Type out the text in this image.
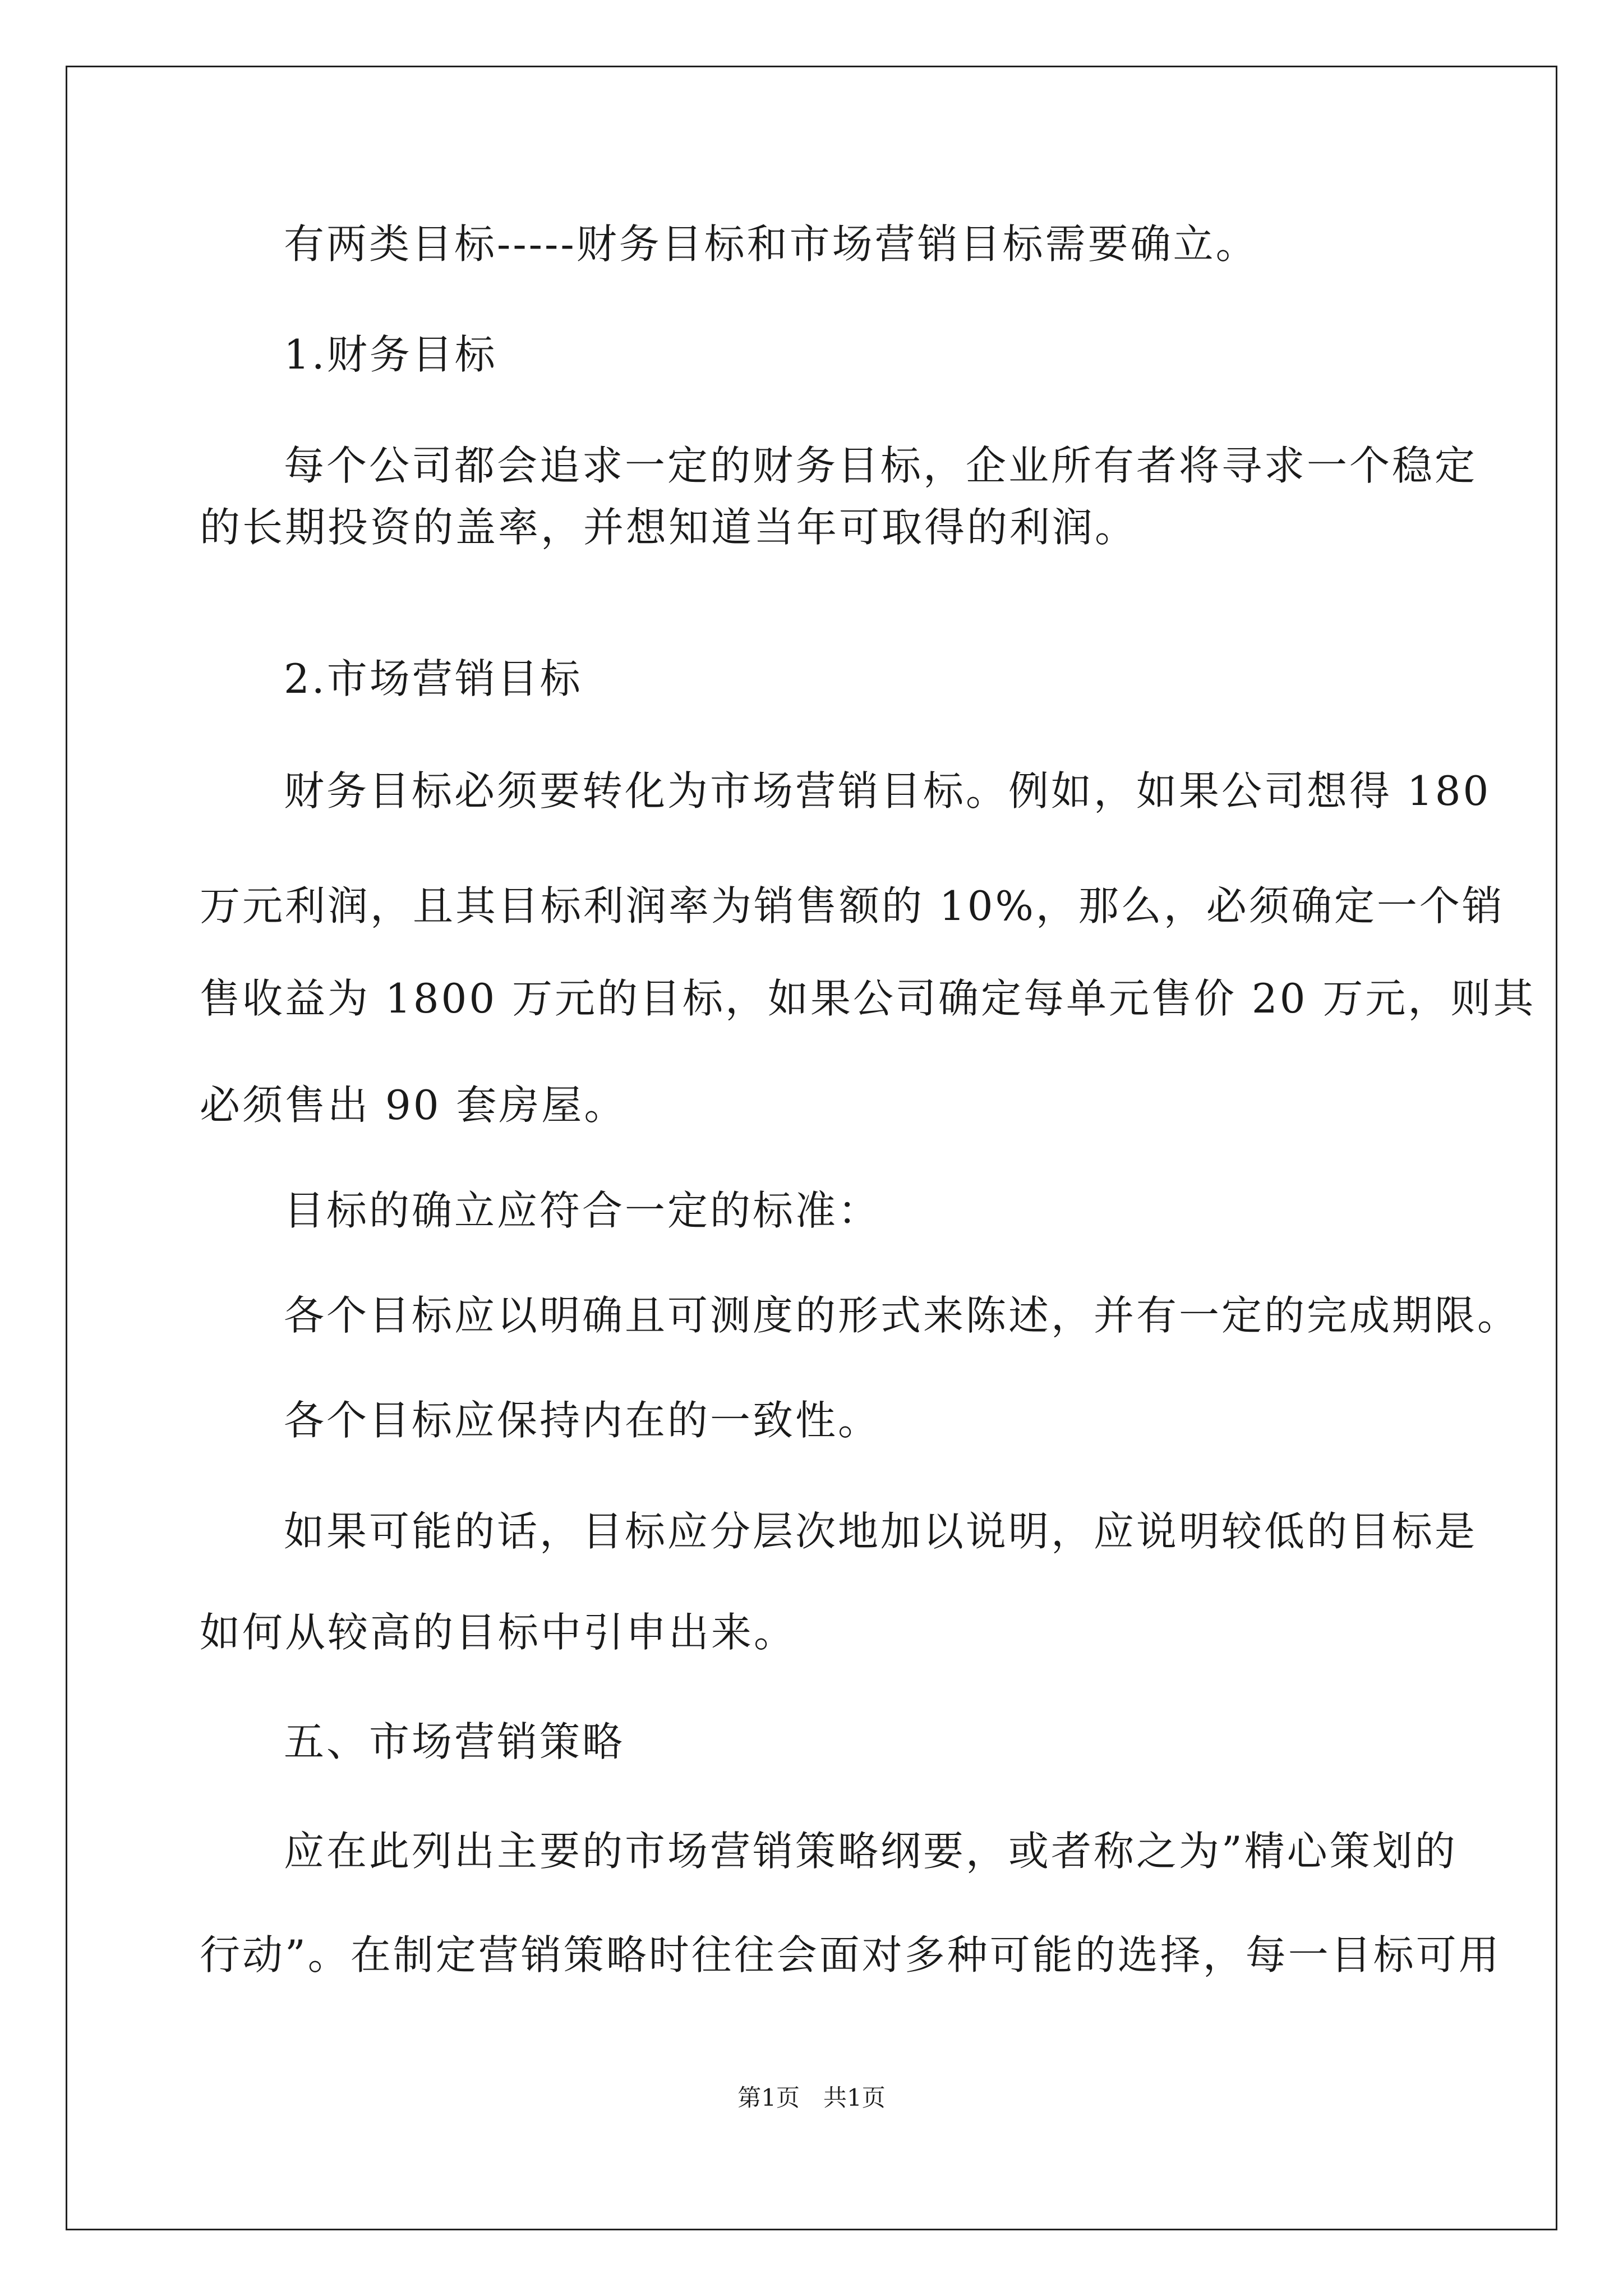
有两类目标-----财务目标和市场营销目标需要确立。
1.财务目标
每个公司都会追求一定的财务目标，企业所有者将寻求一个稳定
的长期投资的盖率，并想知道当年可取得的利润。
2.市场营销目标
财务目标必须要转化为市场营销目标。例如，如果公司想得 180
万元利润，且其目标利润率为销售额的 10%，那么，必须确定一个销
售收益为 1800 万元的目标，如果公司确定每单元售价 20 万元，则其
必须售出 90 套房屋。
目标的确立应符合一定的标准：
各个目标应以明确且可测度的形式来陈述，并有一定的完成期限。
各个目标应保持内在的一致性。
如果可能的话，目标应分层次地加以说明，应说明较低的目标是
如何从较高的目标中引申出来。
五、市场营销策略
应在此列出主要的市场营销策略纲要，或者称之为”精心策划的
行动”。在制定营销策略时往往会面对多种可能的选择，每一目标可用
第1页　共1页
